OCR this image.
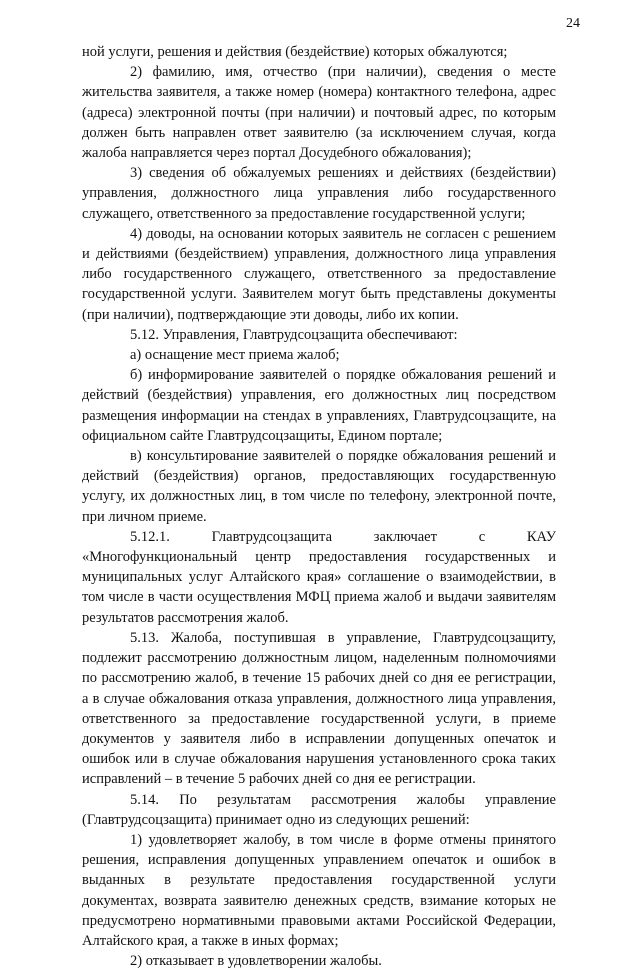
24

ной услуги, решения и действия (бездействие) которых обжалуются;

2) фамилию, имя, отчество (при наличии), сведения о месте жительства заявителя, а также номер (номера) контактного телефона, адрес (адреса) электронной почты (при наличии) и почтовый адрес, по которым должен быть направлен ответ заявителю (за исключением случая, когда жалоба направляется через портал Досудебного обжалования);

3) сведения об обжалуемых решениях и действиях (бездействии) управления, должностного лица управления либо государственного служащего, ответственного за предоставление государственной услуги;

4) доводы, на основании которых заявитель не согласен с решением и действиями (бездействием) управления, должностного лица управления либо государственного служащего, ответственного за предоставление государственной услуги. Заявителем могут быть представлены документы (при наличии), подтверждающие эти доводы, либо их копии.

5.12. Управления, Главтрудсоцзащита обеспечивают:

а) оснащение мест приема жалоб;

б) информирование заявителей о порядке обжалования решений и действий (бездействия) управления, его должностных лиц посредством размещения информации на стендах в управлениях, Главтрудсоцзащите, на официальном сайте Главтрудсоцзащиты, Едином портале;

в) консультирование заявителей о порядке обжалования решений и действий (бездействия) органов, предоставляющих государственную услугу, их должностных лиц, в том числе по телефону, электронной почте, при личном приеме.

5.12.1. Главтрудсоцзащита заключает с КАУ «Многофункциональный центр предоставления государственных и муниципальных услуг Алтайского края» соглашение о взаимодействии, в том числе в части осуществления МФЦ приема жалоб и выдачи заявителям результатов рассмотрения жалоб.

5.13. Жалоба, поступившая в управление, Главтрудсоцзащиту, подлежит рассмотрению должностным лицом, наделенным полномочиями по рассмотрению жалоб, в течение 15 рабочих дней со дня ее регистрации, а в случае обжалования отказа управления, должностного лица управления, ответственного за предоставление государственной услуги, в приеме документов у заявителя либо в исправлении допущенных опечаток и ошибок или в случае обжалования нарушения установленного срока таких исправлений – в течение 5 рабочих дней со дня ее регистрации.

5.14. По результатам рассмотрения жалобы управление (Главтрудсоцзащита) принимает одно из следующих решений:

1) удовлетворяет жалобу, в том числе в форме отмены принятого решения, исправления допущенных управлением опечаток и ошибок в выданных в результате предоставления государственной услуги документах, возврата заявителю денежных средств, взимание которых не предусмотрено нормативными правовыми актами Российской Федерации, Алтайского края, а также в иных формах;

2) отказывает в удовлетворении жалобы.
